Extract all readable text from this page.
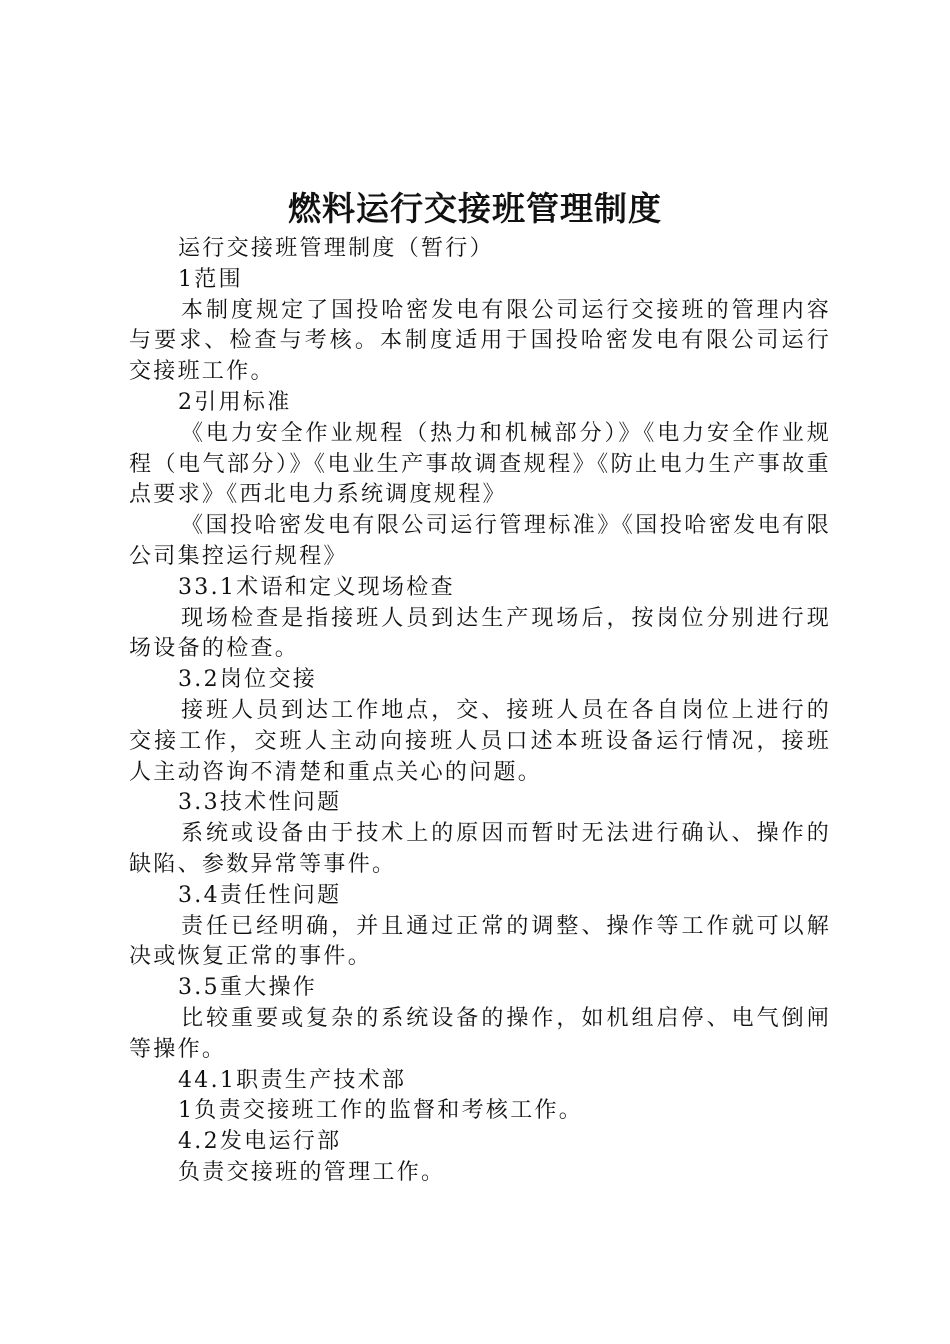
燃料运行交接班管理制度

运行交接班管理制度（暂行）

1范围

本制度规定了国投哈密发电有限公司运行交接班的管理内容与要求、检查与考核。本制度适用于国投哈密发电有限公司运行交接班工作。

2引用标准

《电力安全作业规程（热力和机械部分）》《电力安全作业规程（电气部分）》《电业生产事故调查规程》《防止电力生产事故重点要求》《西北电力系统调度规程》

《国投哈密发电有限公司运行管理标准》《国投哈密发电有限公司集控运行规程》

33.1术语和定义现场检查

现场检查是指接班人员到达生产现场后，按岗位分别进行现场设备的检查。

3.2岗位交接

接班人员到达工作地点，交、接班人员在各自岗位上进行的交接工作，交班人主动向接班人员口述本班设备运行情况，接班人主动咨询不清楚和重点关心的问题。

3.3技术性问题

系统或设备由于技术上的原因而暂时无法进行确认、操作的缺陷、参数异常等事件。

3.4责任性问题

责任已经明确，并且通过正常的调整、操作等工作就可以解决或恢复正常的事件。

3.5重大操作

比较重要或复杂的系统设备的操作，如机组启停、电气倒闸等操作。

44.1职责生产技术部

1负责交接班工作的监督和考核工作。

4.2发电运行部

负责交接班的管理工作。
